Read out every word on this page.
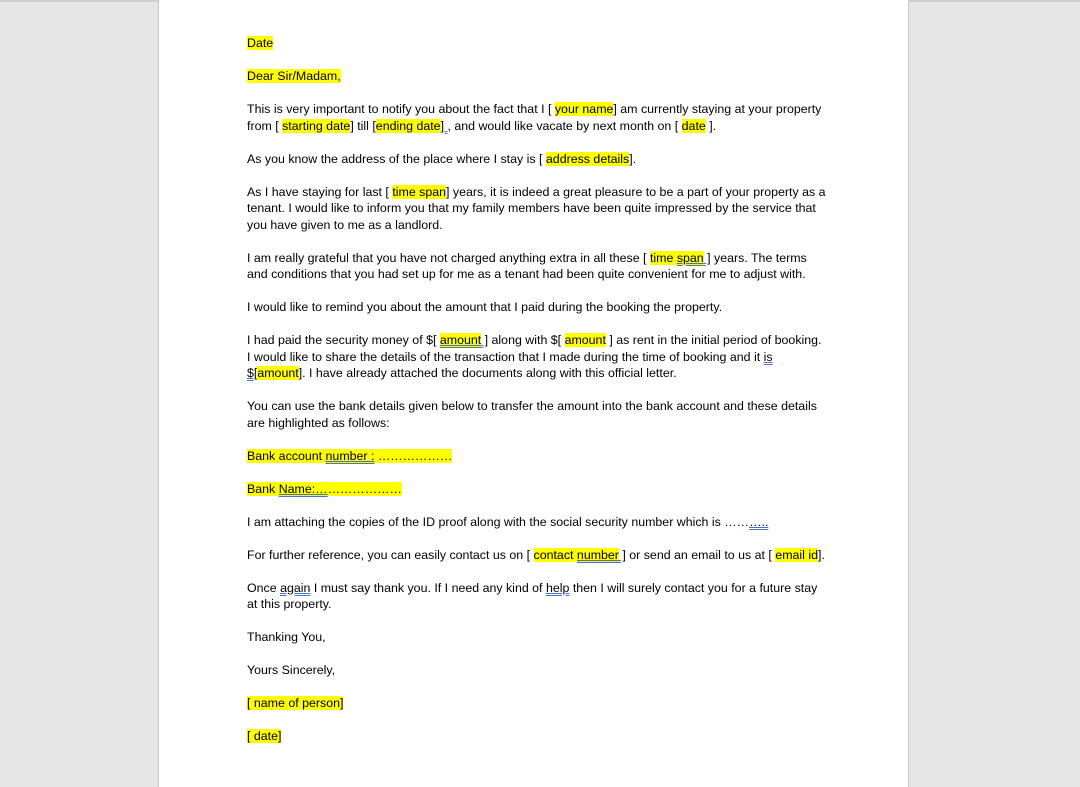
Date

Dear Sir/Madam,

This is very important to notify you about the fact that I [ your name] am currently staying at your property from [ starting date] till [ending date] , and would like vacate by next month on [ date ].

As you know the address of the place where I stay is [ address details].

As I have staying for last [ time span] years, it is indeed a great pleasure to be a part of your property as a tenant. I would like to inform you that my family members have been quite impressed by the service that you have given to me as a landlord.

I am really grateful that you have not charged anything extra in all these [ time span ] years. The terms and conditions that you had set up for me as a tenant had been quite convenient for me to adjust with.

I would like to remind you about the amount that I paid during the booking the property.

I had paid the security money of $[ amount ] along with $[ amount ] as rent in the initial period of booking. I would like to share the details of the transaction that I made during the time of booking and it is $[amount]. I have already attached the documents along with this official letter.

You can use the bank details given below to transfer the amount into the bank account and these details are highlighted as follows:

Bank account number : ………………

Bank Name:…………………

I am attaching the copies of the ID proof along with the social security number which is ………..

For further reference, you can easily contact us on [ contact number ] or send an email to us at [ email id].

Once again I must say thank you. If I need any kind of help then I will surely contact you for a future stay at this property.

Thanking You,

Yours Sincerely,

[ name of person]

[ date]
